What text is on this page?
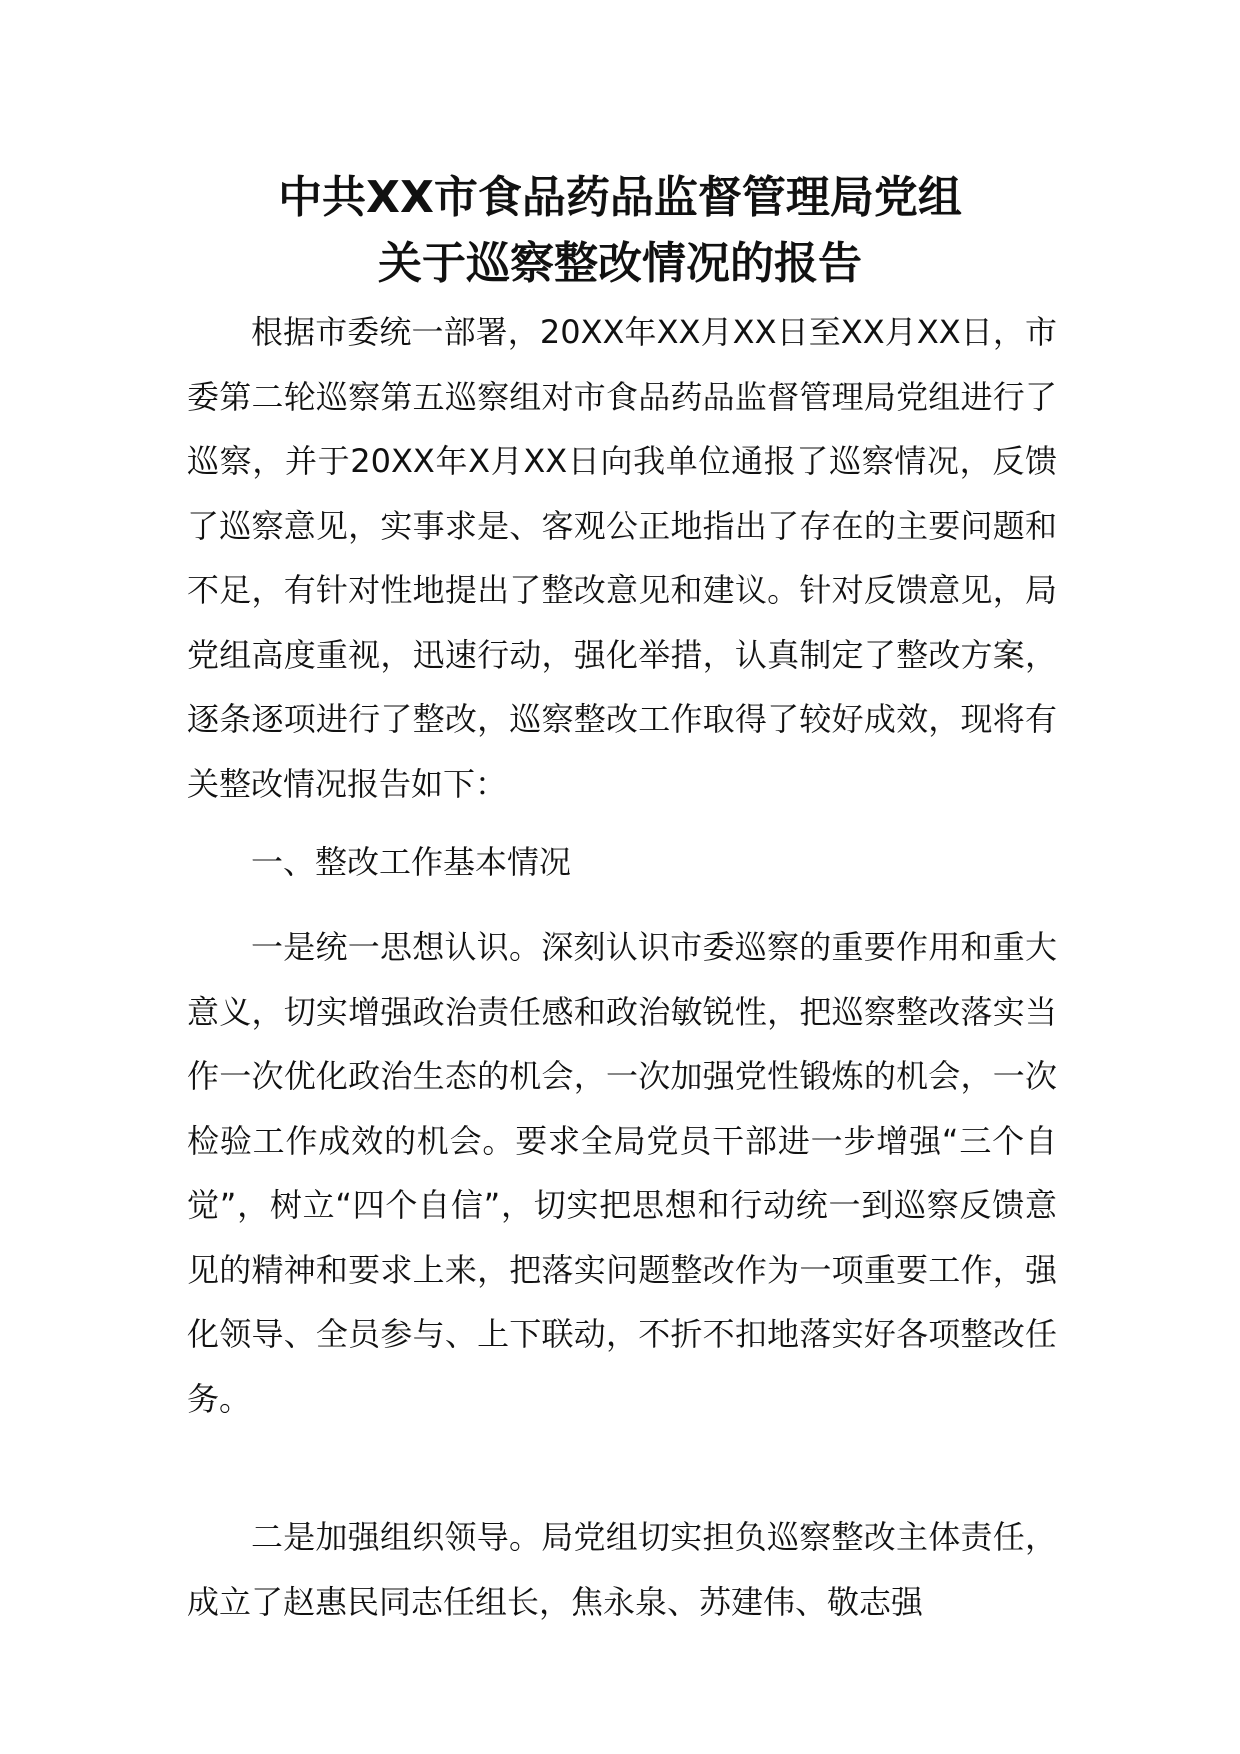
中共XX市食品药品监督管理局党组
关于巡察整改情况的报告

根据市委统一部署，20XX年XX月XX日至XX月XX日，市委第二轮巡察第五巡察组对市食品药品监督管理局党组进行了巡察，并于20XX年X月XX日向我单位通报了巡察情况，反馈了巡察意见，实事求是、客观公正地指出了存在的主要问题和不足，有针对性地提出了整改意见和建议。针对反馈意见，局党组高度重视，迅速行动，强化举措，认真制定了整改方案，逐条逐项进行了整改，巡察整改工作取得了较好成效，现将有关整改情况报告如下：

一、整改工作基本情况

一是统一思想认识。深刻认识市委巡察的重要作用和重大意义，切实增强政治责任感和政治敏锐性，把巡察整改落实当作一次优化政治生态的机会，一次加强党性锻炼的机会，一次检验工作成效的机会。要求全局党员干部进一步增强“三个自觉”，树立“四个自信”，切实把思想和行动统一到巡察反馈意见的精神和要求上来，把落实问题整改作为一项重要工作，强化领导、全员参与、上下联动，不折不扣地落实好各项整改任务。

二是加强组织领导。局党组切实担负巡察整改主体责任，成立了赵惠民同志任组长，焦永泉、苏建伟、敬志强
